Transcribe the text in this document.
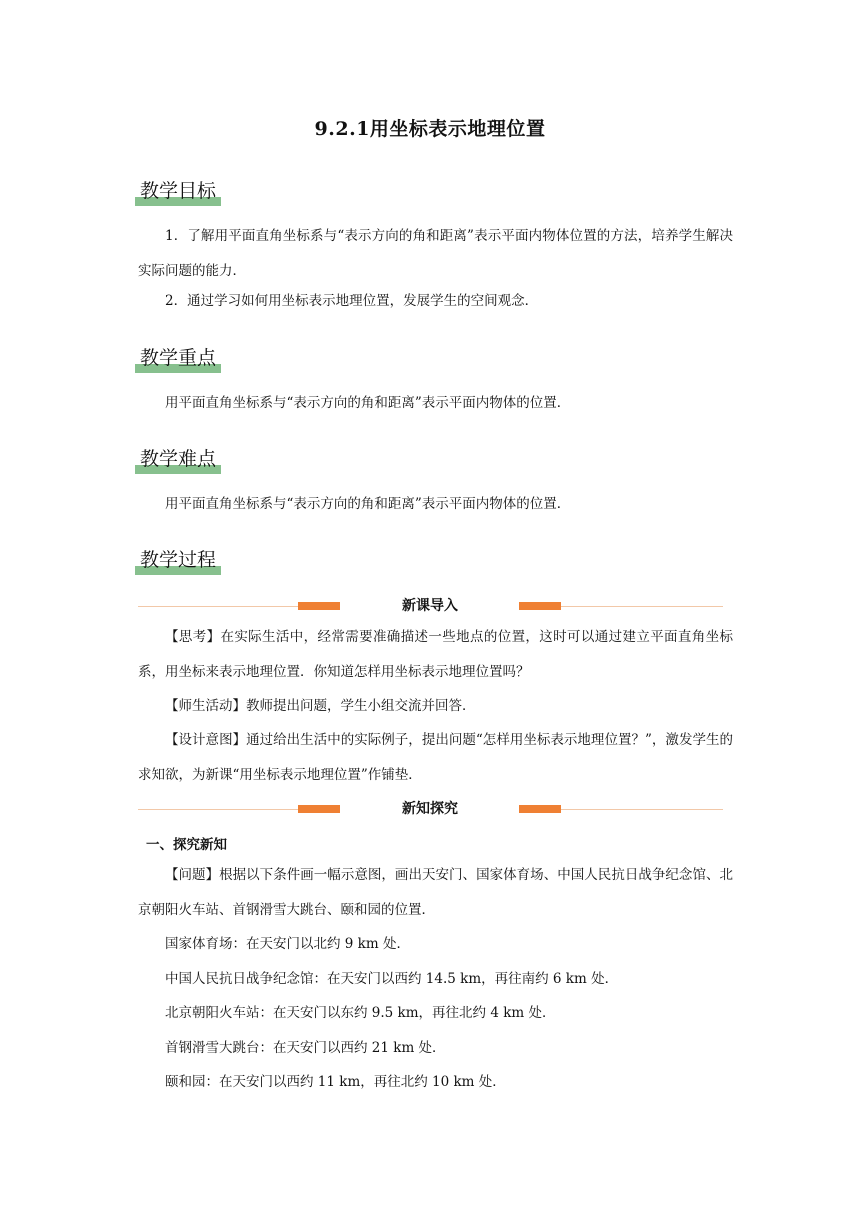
9.2.1用坐标表示地理位置
教学目标

1．了解用平面直角坐标系与“表示方向的角和距离”表示平面内物体位置的方法，培养学生解决实际问题的能力．

2．通过学习如何用坐标表示地理位置，发展学生的空间观念．

教学重点

用平面直角坐标系与“表示方向的角和距离”表示平面内物体的位置．

教学难点

用平面直角坐标系与“表示方向的角和距离”表示平面内物体的位置．

教学过程
新课导入

【思考】在实际生活中，经常需要准确描述一些地点的位置，这时可以通过建立平面直角坐标系，用坐标来表示地理位置．你知道怎样用坐标表示地理位置吗？

【师生活动】教师提出问题，学生小组交流并回答．

【设计意图】通过给出生活中的实际例子，提出问题“怎样用坐标表示地理位置？”，激发学生的求知欲，为新课“用坐标表示地理位置”作铺垫．

新知探究
一、探究新知

【问题】根据以下条件画一幅示意图，画出天安门、国家体育场、中国人民抗日战争纪念馆、北京朝阳火车站、首钢滑雪大跳台、颐和园的位置．

国家体育场：在天安门以北约 9 km 处．

中国人民抗日战争纪念馆：在天安门以西约 14.5 km，再往南约 6 km 处．

北京朝阳火车站：在天安门以东约 9.5 km，再往北约 4 km 处．

首钢滑雪大跳台：在天安门以西约 21 km 处．

颐和园：在天安门以西约 11 km，再往北约 10 km 处．
